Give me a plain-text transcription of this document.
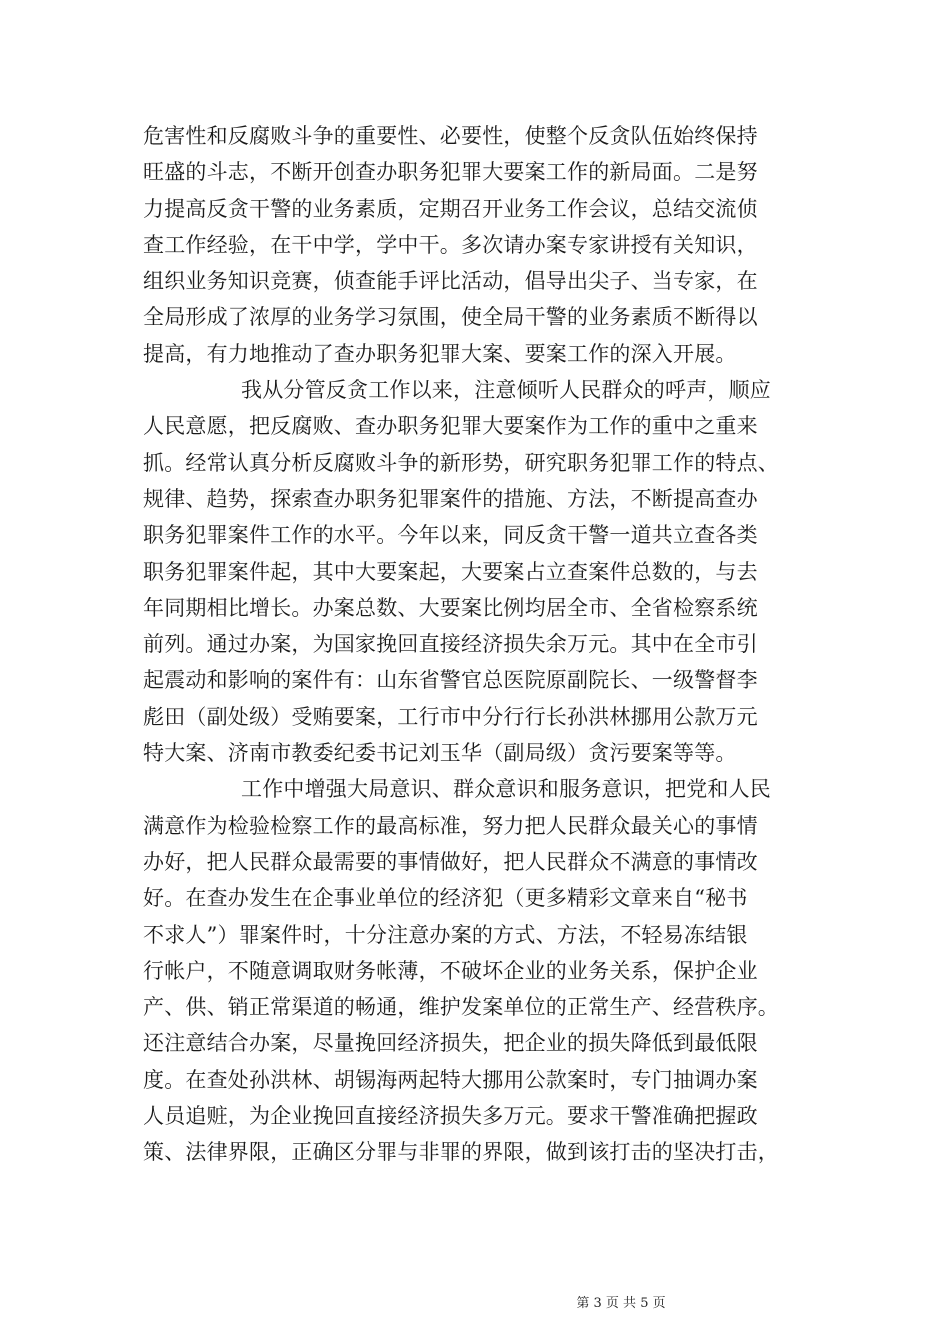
危害性和反腐败斗争的重要性、必要性，使整个反贪队伍始终保持
旺盛的斗志，不断开创查办职务犯罪大要案工作的新局面。二是努
力提高反贪干警的业务素质，定期召开业务工作会议，总结交流侦
查工作经验，在干中学，学中干。多次请办案专家讲授有关知识，
组织业务知识竞赛，侦查能手评比活动，倡导出尖子、当专家，在
全局形成了浓厚的业务学习氛围，使全局干警的业务素质不断得以
提高，有力地推动了查办职务犯罪大案、要案工作的深入开展。
我从分管反贪工作以来，注意倾听人民群众的呼声，顺应
人民意愿，把反腐败、查办职务犯罪大要案作为工作的重中之重来
抓。经常认真分析反腐败斗争的新形势，研究职务犯罪工作的特点、
规律、趋势，探索查办职务犯罪案件的措施、方法，不断提高查办
职务犯罪案件工作的水平。今年以来，同反贪干警一道共立查各类
职务犯罪案件起，其中大要案起，大要案占立查案件总数的，与去
年同期相比增长。办案总数、大要案比例均居全市、全省检察系统
前列。通过办案，为国家挽回直接经济损失余万元。其中在全市引
起震动和影响的案件有：山东省警官总医院原副院长、一级警督李
彪田（副处级）受贿要案，工行市中分行行长孙洪林挪用公款万元
特大案、济南市教委纪委书记刘玉华（副局级）贪污要案等等。
工作中增强大局意识、群众意识和服务意识，把党和人民
满意作为检验检察工作的最高标准，努力把人民群众最关心的事情
办好，把人民群众最需要的事情做好，把人民群众不满意的事情改
好。在查办发生在企事业单位的经济犯（更多精彩文章来自“秘书
不求人”）罪案件时，十分注意办案的方式、方法，不轻易冻结银
行帐户，不随意调取财务帐薄，不破坏企业的业务关系，保护企业
产、供、销正常渠道的畅通，维护发案单位的正常生产、经营秩序。
还注意结合办案，尽量挽回经济损失，把企业的损失降低到最低限
度。在查处孙洪林、胡锡海两起特大挪用公款案时，专门抽调办案
人员追赃，为企业挽回直接经济损失多万元。要求干警准确把握政
策、法律界限，正确区分罪与非罪的界限，做到该打击的坚决打击，
第 3 页 共 5 页
